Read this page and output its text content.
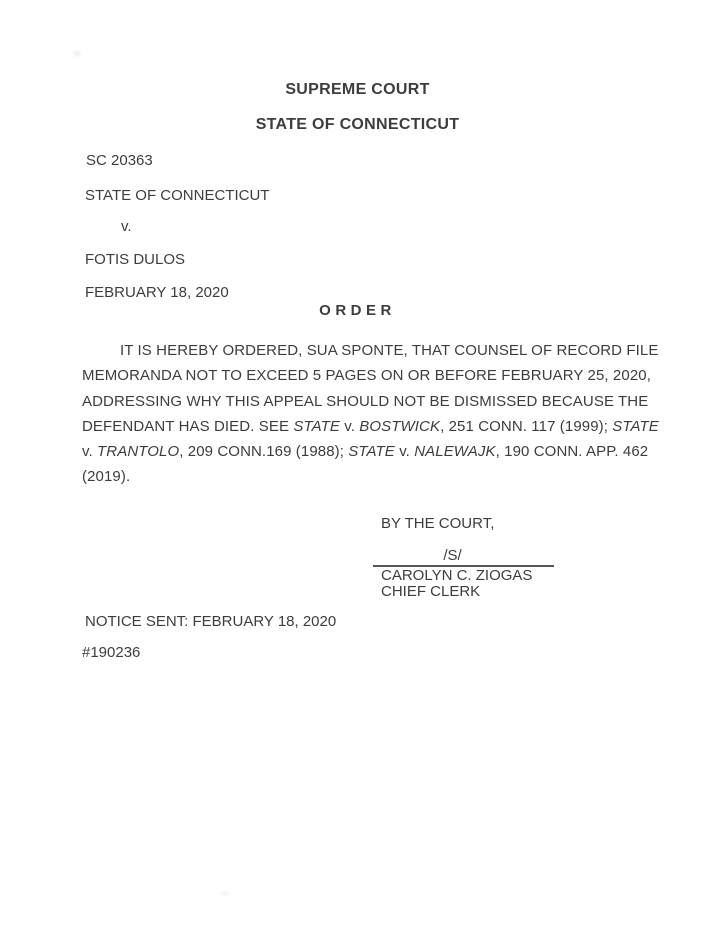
SUPREME COURT
STATE OF CONNECTICUT
SC 20363
STATE OF CONNECTICUT
v.
FOTIS DULOS
FEBRUARY 18, 2020
ORDER
IT IS HEREBY ORDERED, SUA SPONTE, THAT COUNSEL OF RECORD FILE
MEMORANDA NOT TO EXCEED 5 PAGES ON OR BEFORE FEBRUARY 25, 2020,
ADDRESSING WHY THIS APPEAL SHOULD NOT BE DISMISSED BECAUSE THE
DEFENDANT HAS DIED. SEE STATE v. BOSTWICK, 251 CONN. 117 (1999); STATE
v. TRANTOLO, 209 CONN.169 (1988); STATE v. NALEWAJK, 190 CONN. APP. 462
(2019).
BY THE COURT,
/S/
CAROLYN C. ZIOGAS
CHIEF CLERK
NOTICE SENT: FEBRUARY 18, 2020
#190236
